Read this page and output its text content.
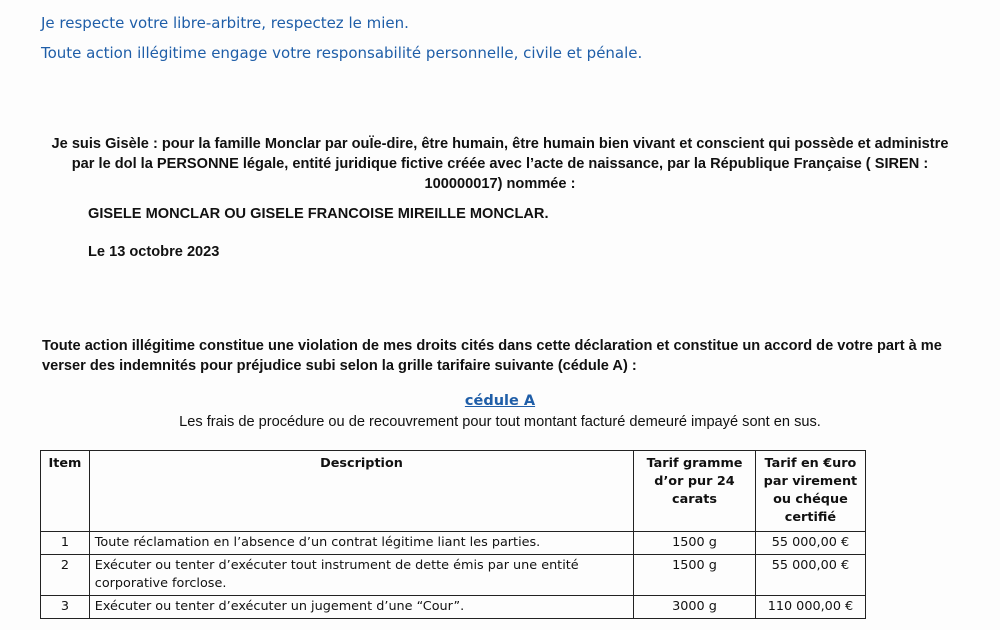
Je respecte votre libre-arbitre, respectez le mien.
Toute action illégitime engage votre responsabilité personnelle, civile et pénale.
Je suis Gisèle : pour la famille Monclar par ouЇe-dire, être humain, être humain bien vivant et conscient qui possède et administre par le dol la PERSONNE légale, entité juridique fictive créée avec l’acte de naissance, par la République Française ( SIREN : 100000017) nommée :
GISELE MONCLAR OU GISELE FRANCOISE MIREILLE MONCLAR.
Le 13 octobre 2023
Toute action illégitime constitue une violation de mes droits cités dans cette déclaration et constitue un accord de votre part à me verser des indemnités pour préjudice subi selon la grille tarifaire suivante (cédule A) :
cédule A
Les frais de procédure ou de recouvrement pour tout montant facturé demeuré impayé sont en sus.
Item	Description	Tarif gramme d’or pur 24 carats	Tarif en €uro par virement ou chéque certifié
1	Toute réclamation en l’absence d’un contrat légitime liant les parties.	1500 g	55 000,00 €
2	Exécuter ou tenter d’exécuter tout instrument de dette émis par une entité corporative forclose.	1500 g	55 000,00 €
3	Exécuter ou tenter d’exécuter un jugement d’une “Cour”.	3000 g	110 000,00 €
